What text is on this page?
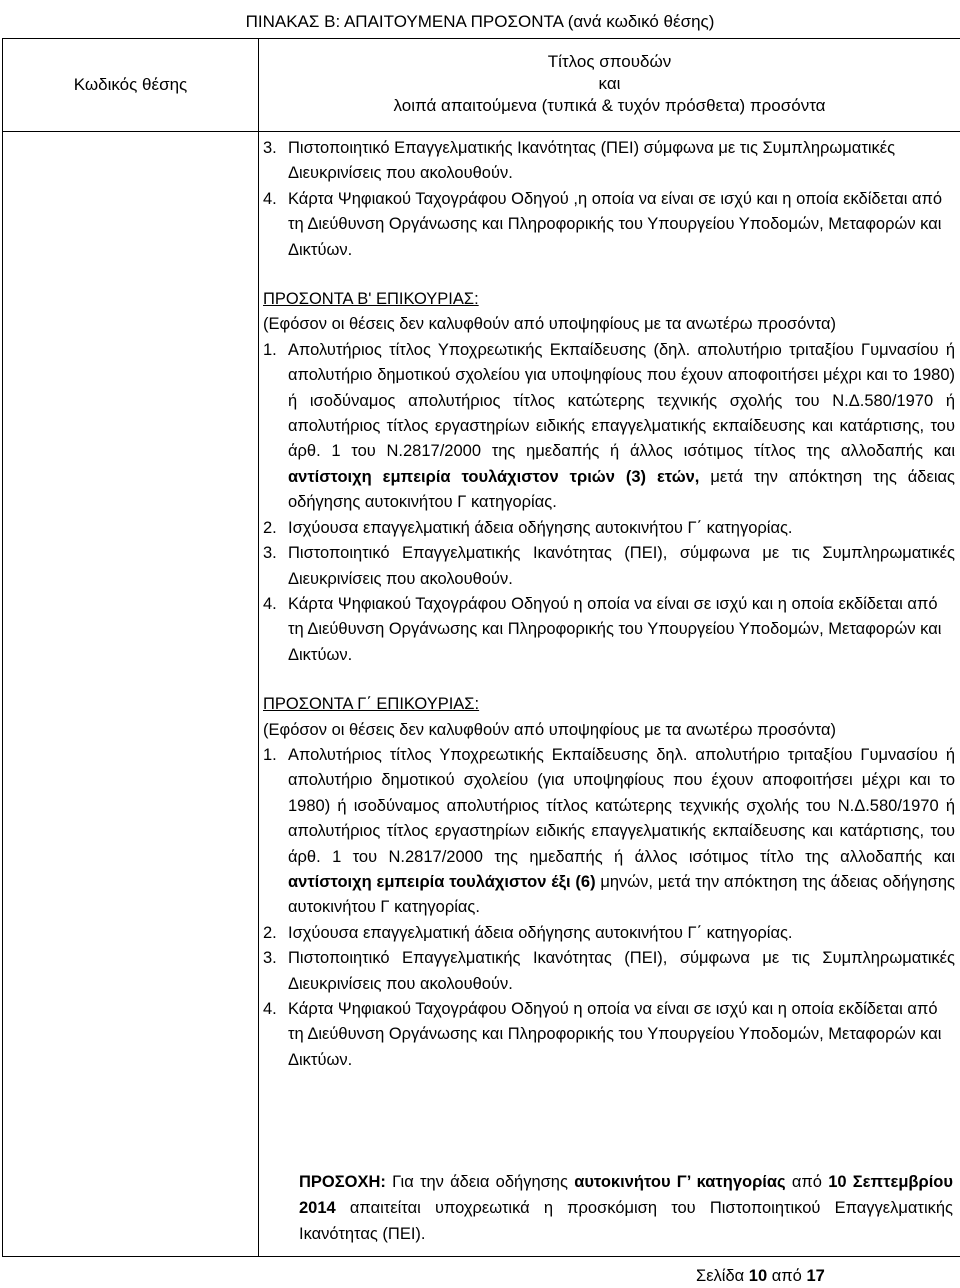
ΠΙΝΑΚΑΣ Β: ΑΠΑΙΤΟΥΜΕΝΑ ΠΡΟΣΟΝΤΑ (ανά κωδικό θέσης)
Κωδικός θέσης	Τίτλος σπουδών
και
λοιπά απαιτούμενα (τυπικά & τυχόν πρόσθετα) προσόντα

3. Πιστοποιητικό Επαγγελματικής Ικανότητας (ΠΕΙ) σύμφωνα με τις Συμπληρωματικές Διευκρινίσεις που ακολουθούν.
4. Κάρτα Ψηφιακού Ταχογράφου Οδηγού ,η οποία να είναι σε ισχύ και η οποία εκδίδεται από τη Διεύθυνση Οργάνωσης και Πληροφορικής του Υπουργείου Υποδομών, Μεταφορών και Δικτύων.
ΠΡΟΣΟΝΤΑ Β' ΕΠΙΚΟΥΡΙΑΣ:
(Εφόσον οι θέσεις δεν καλυφθούν από υποψηφίους με τα ανωτέρω προσόντα)
1. Απολυτήριος τίτλος Υποχρεωτικής Εκπαίδευσης (δηλ. απολυτήριο τριταξίου Γυμνασίου ή απολυτήριο δημοτικού σχολείου για υποψηφίους που έχουν αποφοιτήσει μέχρι και το 1980) ή ισοδύναμος απολυτήριος τίτλος κατώτερης τεχνικής σχολής του Ν.Δ.580/1970 ή απολυτήριος τίτλος εργαστηρίων ειδικής επαγγελματικής εκπαίδευσης και κατάρτισης, του άρθ. 1 του Ν.2817/2000 της ημεδαπής ή άλλος ισότιμος τίτλος της αλλοδαπής και αντίστοιχη εμπειρία τουλάχιστον τριών (3) ετών, μετά την απόκτηση της άδειας οδήγησης αυτοκινήτου Γ κατηγορίας.
2. Ισχύουσα επαγγελματική άδεια οδήγησης αυτοκινήτου Γ΄ κατηγορίας.
3. Πιστοποιητικό Επαγγελματικής Ικανότητας (ΠΕΙ), σύμφωνα με τις Συμπληρωματικές Διευκρινίσεις που ακολουθούν.
4. Κάρτα Ψηφιακού Ταχογράφου Οδηγού η οποία να είναι σε ισχύ και η οποία εκδίδεται από τη Διεύθυνση Οργάνωσης και Πληροφορικής του Υπουργείου Υποδομών, Μεταφορών και Δικτύων.
ΠΡΟΣΟΝΤΑ Γ΄ ΕΠΙΚΟΥΡΙΑΣ:
(Εφόσον οι θέσεις δεν καλυφθούν από υποψηφίους με τα ανωτέρω προσόντα)
1. Απολυτήριος τίτλος Υποχρεωτικής Εκπαίδευσης δηλ. απολυτήριο τριταξίου Γυμνασίου ή απολυτήριο δημοτικού σχολείου (για υποψηφίους που έχουν αποφοιτήσει μέχρι και το 1980) ή ισοδύναμος απολυτήριος τίτλος κατώτερης τεχνικής σχολής του Ν.Δ.580/1970 ή απολυτήριος τίτλος εργαστηρίων ειδικής επαγγελματικής εκπαίδευσης και κατάρτισης, του άρθ. 1 του Ν.2817/2000 της ημεδαπής ή άλλος ισότιμος τίτλο της αλλοδαπής και αντίστοιχη εμπειρία τουλάχιστον έξι (6) μηνών, μετά την απόκτηση της άδειας οδήγησης αυτοκινήτου Γ κατηγορίας.
2. Ισχύουσα επαγγελματική άδεια οδήγησης αυτοκινήτου Γ΄ κατηγορίας.
3. Πιστοποιητικό Επαγγελματικής Ικανότητας (ΠΕΙ), σύμφωνα με τις Συμπληρωματικές Διευκρινίσεις που ακολουθούν.
4. Κάρτα Ψηφιακού Ταχογράφου Οδηγού η οποία να είναι σε ισχύ και η οποία εκδίδεται από τη Διεύθυνση Οργάνωσης και Πληροφορικής του Υπουργείου Υποδομών, Μεταφορών και Δικτύων.
ΠΡΟΣΟΧΗ: Για την άδεια οδήγησης αυτοκινήτου Γ’ κατηγορίας από 10 Σεπτεμβρίου 2014 απαιτείται υποχρεωτικά η προσκόμιση του Πιστοποιητικού Επαγγελματικής Ικανότητας (ΠΕΙ).
Σελίδα 10 από 17
